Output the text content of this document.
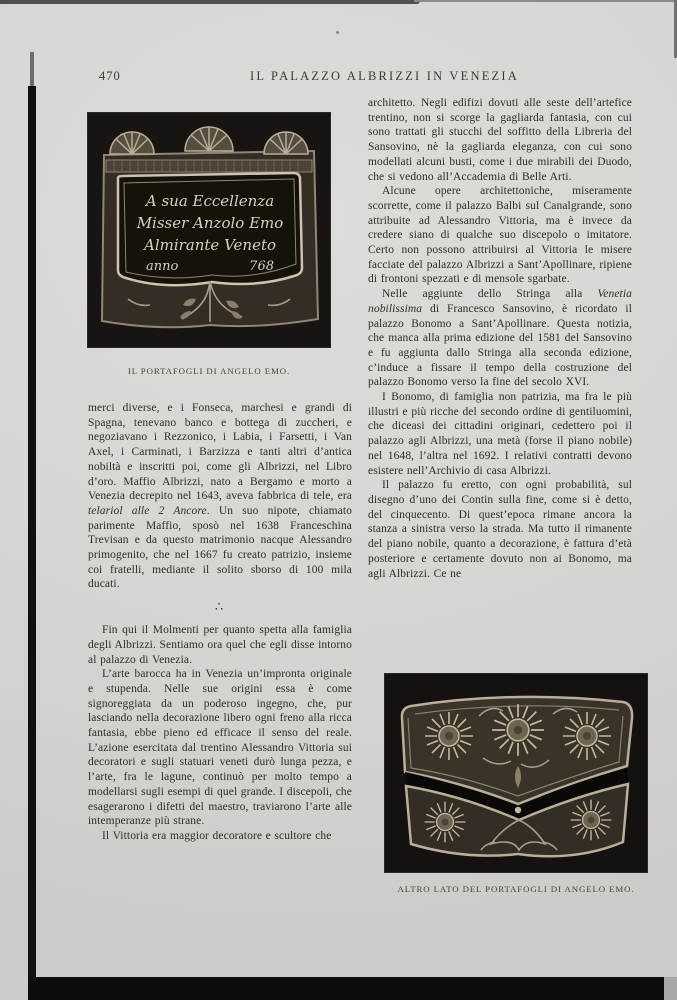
470	IL PALAZZO ALBRIZZI IN VENEZIA
A sua Eccellenza
Misser Anzolo Emo
Almirante Veneto
anno	768
IL PORTAFOGLI DI ANGELO EMO.

merci diverse, e i Fonseca, marchesi e grandi di Spagna, tenevano banco e bottega di zuccheri, e negoziavano i Rezzonico, i Labia, i Farsetti, i Van Axel, i Carminati, i Barzizza e tanti altri d’antica nobiltà e inscritti poi, come gli Albrizzi, nel Libro d’oro. Maffio Albrizzi, nato a Bergamo e morto a Venezia decrepito nel 1643, aveva fabbrica di tele, era telariol alle 2 Ancore. Un suo nipote, chiamato parimente Maffio, sposò nel 1638 Franceschina Trevisan e da questo matrimonio nacque Alessandro primogenito, che nel 1667 fu creato patrizio, insieme coi fratelli, mediante il solito sborso di 100 mila ducati.

∴

Fin qui il Molmenti per quanto spetta alla famiglia degli Albrizzi. Sentiamo ora quel che egli disse intorno al palazzo di Venezia.

L’arte barocca ha in Venezia un’impronta originale e stupenda. Nelle sue origini essa è come signoreggiata da un poderoso ingegno, che, pur lasciando nella decorazione libero ogni freno alla ricca fantasia, ebbe pieno ed efficace il senso del reale. L’azione esercitata dal trentino Alessandro Vittoria sui decoratori e sugli statuari veneti durò lunga pezza, e l’arte, fra le lagune, continuò per molto tempo a modellarsi sugli esempi di quel grande. I discepoli, che esagerarono i difetti del maestro, traviarono l’arte alle intemperanze più strane.

Il Vittoria era maggior decoratore e scultore che

architetto. Negli edifizi dovuti alle seste dell’artefice trentino, non si scorge la gagliarda fantasia, con cui sono trattati gli stucchi del soffitto della Libreria del Sansovino, nè la gagliarda eleganza, con cui sono modellati alcuni busti, come i due mirabili dei Duodo, che si vedono all’Accademia di Belle Arti.

Alcune opere architettoniche, miseramente scorrette, come il palazzo Balbi sul Canalgrande, sono attribuite ad Alessandro Vittoria, ma è invece da credere siano di qualche suo discepolo o imitatore. Certo non possono attribuirsi al Vittoria le misere facciate del palazzo Albrizzi a Sant’Apollinare, ripiene di frontoni spezzati e di mensole sgarbate.

Nelle aggiunte dello Stringa alla Venetia nobilissima di Francesco Sansovino, è ricordato il palazzo Bonomo a Sant’Apollinare. Questa notizia, che manca alla prima edizione del 1581 del Sansovino e fu aggiunta dallo Stringa alla seconda edizione, c’induce a fissare il tempo della costruzione del palazzo Bonomo verso la fine del secolo XVI.

I Bonomo, di famiglia non patrizia, ma fra le più illustri e più ricche del secondo ordine di gentiluomini, che diceasi dei cittadini originari, cedettero poi il palazzo agli Albrizzi, una metà (forse il piano nobile) nel 1648, l’altra nel 1692. I relativi contratti devono esistere nell’Archivio di casa Albrizzi.

Il palazzo fu eretto, con ogni probabilità, sul disegno d’uno dei Contin sulla fine, come si è detto, del cinquecento. Di quest’epoca rimane ancora la stanza a sinistra verso la strada. Ma tutto il rimanente del piano nobile, quanto a decorazione, è fattura d’età posteriore e certamente dovuto non ai Bonomo, ma agli Albrizzi. Ce ne

ALTRO LATO DEL PORTAFOGLI DI ANGELO EMO.
